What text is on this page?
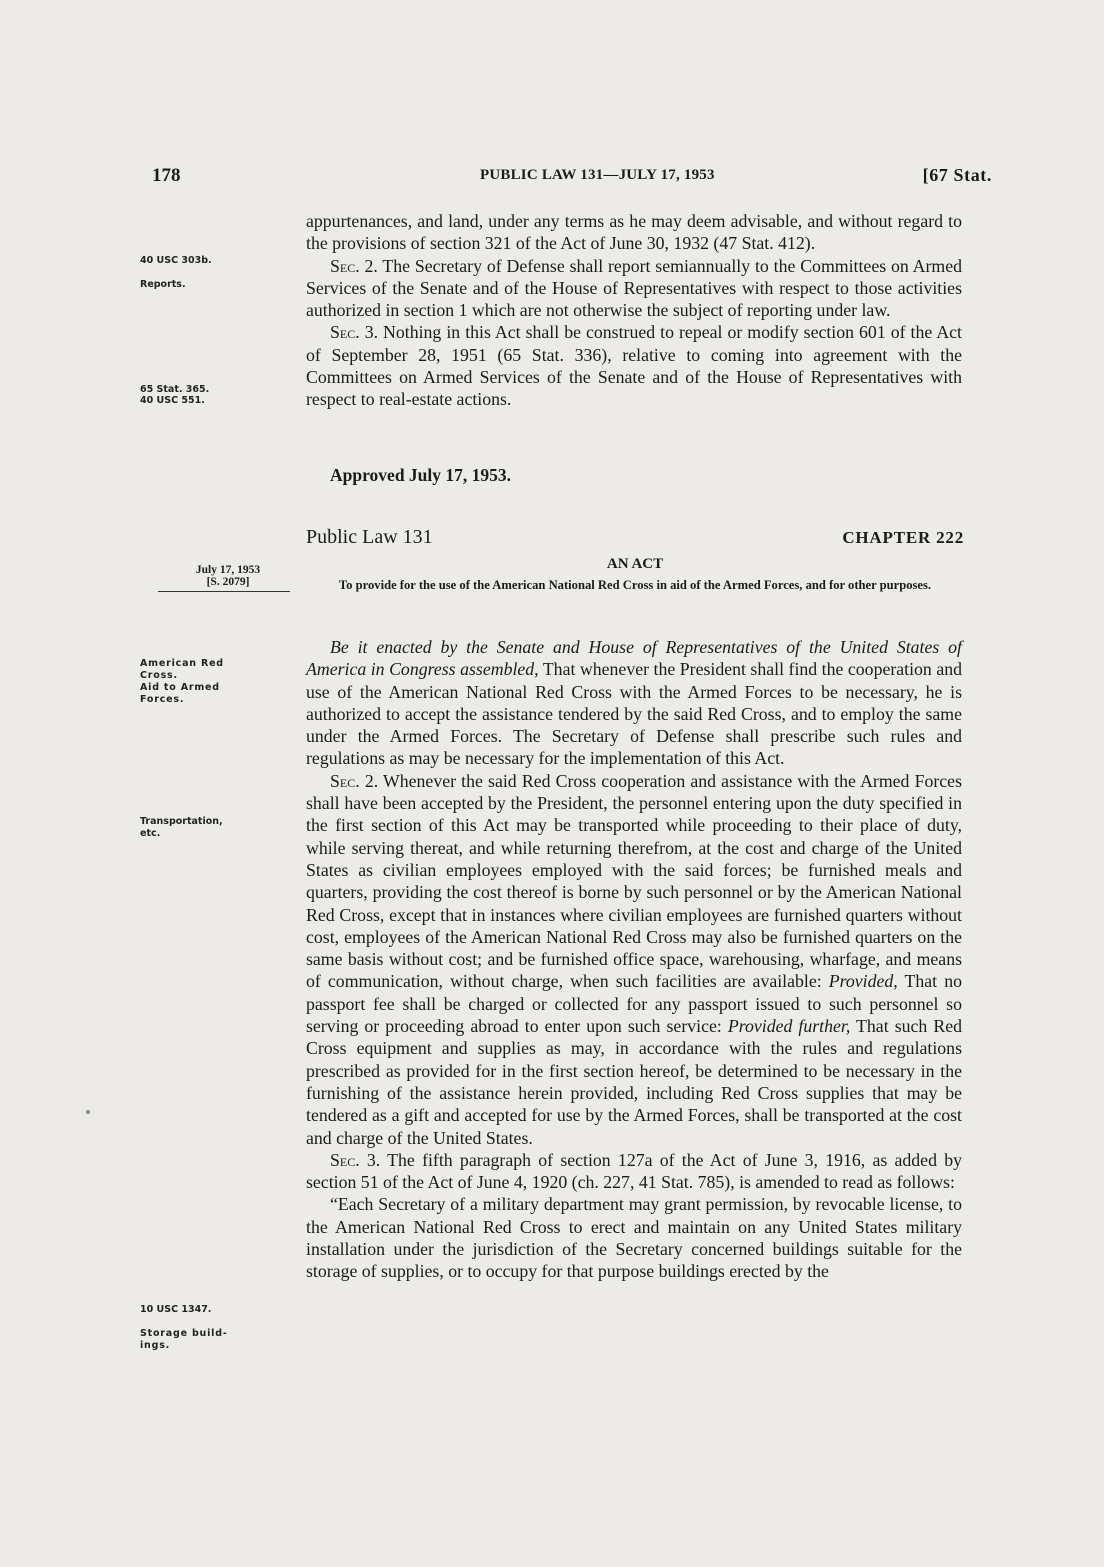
178	PUBLIC LAW 131—JULY 17, 1953	[67 Stat.
40 USC 303b.
Reports.
65 Stat. 365.
40 USC 551.
July 17, 1953
[S. 2079]
American Red
Cross.
Aid to Armed
Forces.
Transportation,
etc.
10 USC 1347.
Storage build-
ings.

appurtenances, and land, under any terms as he may deem advisable, and without regard to the provisions of section 321 of the Act of June 30, 1932 (47 Stat. 412).

Sec. 2. The Secretary of Defense shall report semiannually to the Committees on Armed Services of the Senate and of the House of Representatives with respect to those activities authorized in section 1 which are not otherwise the subject of reporting under law.

Sec. 3. Nothing in this Act shall be construed to repeal or modify section 601 of the Act of September 28, 1951 (65 Stat. 336), relative to coming into agreement with the Committees on Armed Services of the Senate and of the House of Representatives with respect to real-estate actions.

Approved July 17, 1953.
Public Law 131	CHAPTER 222
AN ACT
To provide for the use of the American National Red Cross in aid of the Armed Forces, and for other purposes.

Be it enacted by the Senate and House of Representatives of the United States of America in Congress assembled, That whenever the President shall find the cooperation and use of the American National Red Cross with the Armed Forces to be necessary, he is authorized to accept the assistance tendered by the said Red Cross, and to employ the same under the Armed Forces. The Secretary of Defense shall prescribe such rules and regulations as may be necessary for the implementation of this Act.

Sec. 2. Whenever the said Red Cross cooperation and assistance with the Armed Forces shall have been accepted by the President, the personnel entering upon the duty specified in the first section of this Act may be transported while proceeding to their place of duty, while serving thereat, and while returning therefrom, at the cost and charge of the United States as civilian employees employed with the said forces; be furnished meals and quarters, providing the cost thereof is borne by such personnel or by the American National Red Cross, except that in instances where civilian employees are furnished quarters without cost, employees of the American National Red Cross may also be furnished quarters on the same basis without cost; and be furnished office space, warehousing, wharfage, and means of communication, without charge, when such facilities are available: Provided, That no passport fee shall be charged or collected for any passport issued to such personnel so serving or proceeding abroad to enter upon such service: Provided further, That such Red Cross equipment and supplies as may, in accordance with the rules and regulations prescribed as provided for in the first section hereof, be determined to be necessary in the furnishing of the assistance herein provided, including Red Cross supplies that may be tendered as a gift and accepted for use by the Armed Forces, shall be transported at the cost and charge of the United States.

Sec. 3. The fifth paragraph of section 127a of the Act of June 3, 1916, as added by section 51 of the Act of June 4, 1920 (ch. 227, 41 Stat. 785), is amended to read as follows:

“Each Secretary of a military department may grant permission, by revocable license, to the American National Red Cross to erect and maintain on any United States military installation under the jurisdiction of the Secretary concerned buildings suitable for the storage of supplies, or to occupy for that purpose buildings erected by the
